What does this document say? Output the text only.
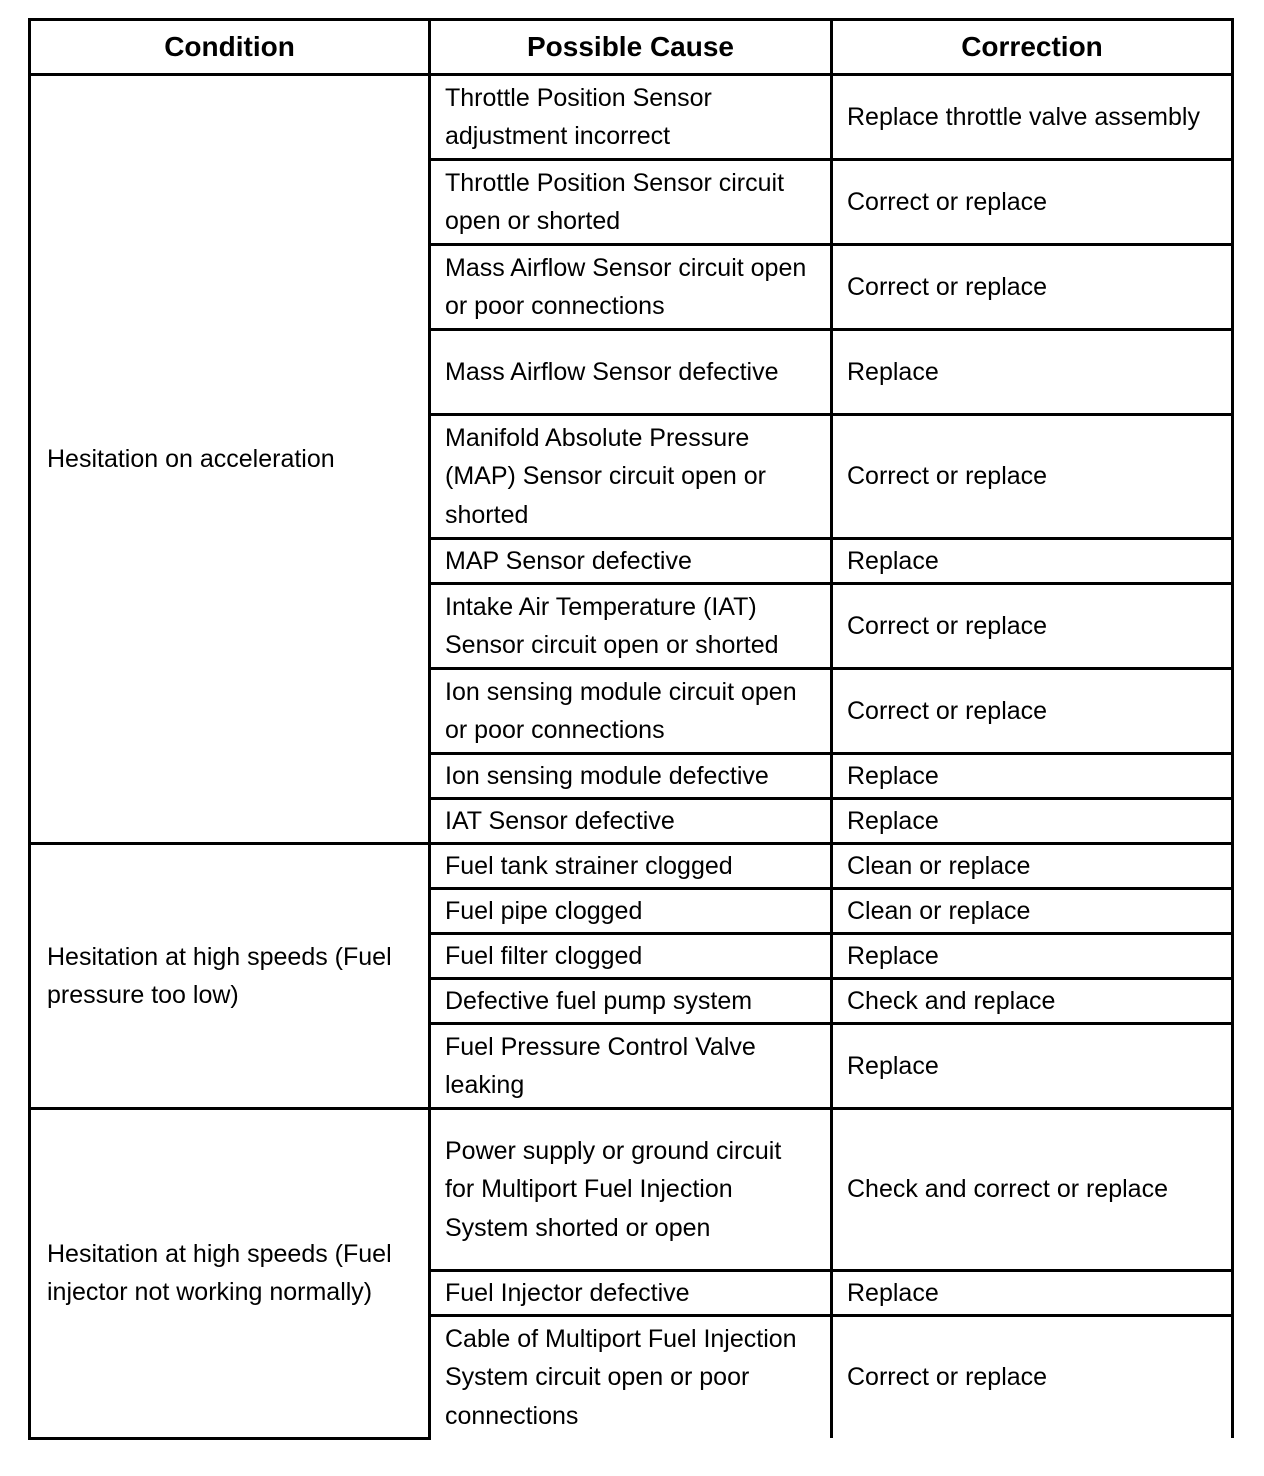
Condition	Possible Cause	Correction
Hesitation on acceleration	Throttle Position Sensor adjustment incorrect	Replace throttle valve assembly
	Throttle Position Sensor circuit open or shorted	Correct or replace
	Mass Airflow Sensor circuit open or poor connections	Correct or replace
	Mass Airflow Sensor defective	Replace
	Manifold Absolute Pressure (MAP) Sensor circuit open or shorted	Correct or replace
	MAP Sensor defective	Replace
	Intake Air Temperature (IAT) Sensor circuit open or shorted	Correct or replace
	Ion sensing module circuit open or poor connections	Correct or replace
	Ion sensing module defective	Replace
	IAT Sensor defective	Replace
Hesitation at high speeds (Fuel pressure too low)	Fuel tank strainer clogged	Clean or replace
	Fuel pipe clogged	Clean or replace
	Fuel filter clogged	Replace
	Defective fuel pump system	Check and replace
	Fuel Pressure Control Valve leaking	Replace
Hesitation at high speeds (Fuel injector not working normally)	Power supply or ground circuit for Multiport Fuel Injection System shorted or open	Check and correct or replace
	Fuel Injector defective	Replace
	Cable of Multiport Fuel Injection System circuit open or poor connections	Correct or replace
